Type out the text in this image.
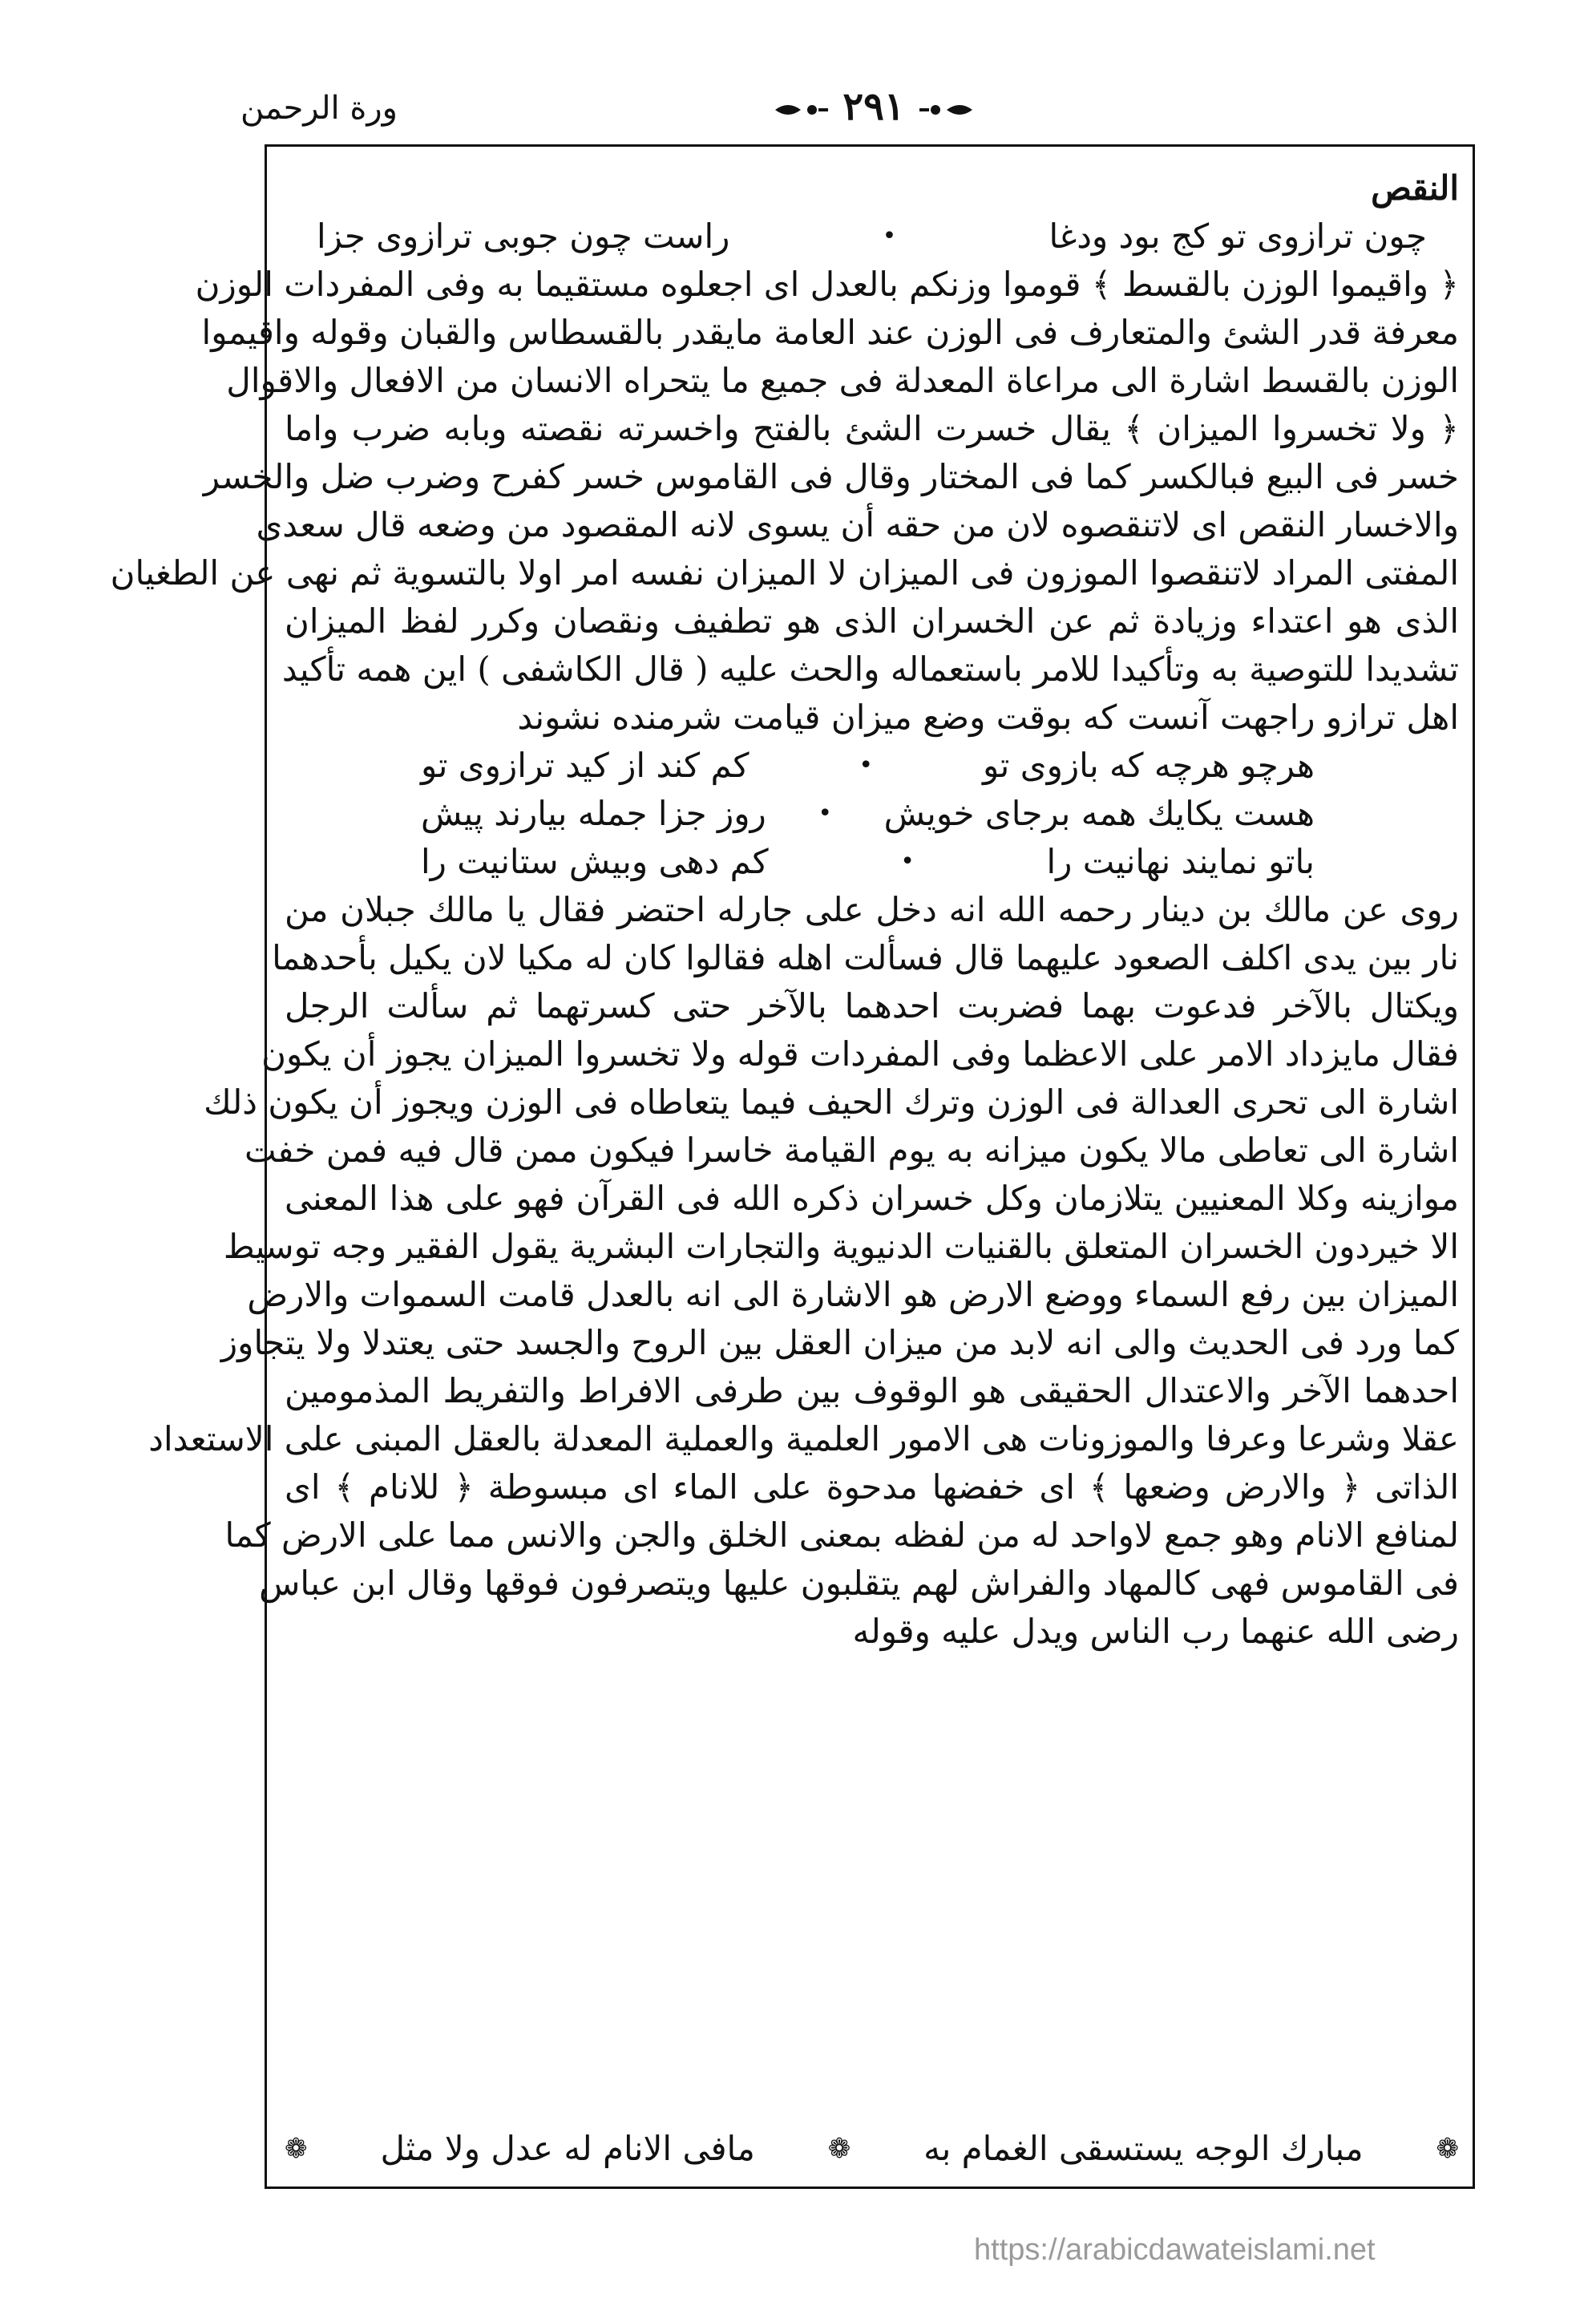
ورة الرحمن	٢٩١
النقص
چون ترازوی تو کج بود ودغا
•
راست چون جوبی ترازوی جزا
﴿ واقيموا الوزن بالقسط ﴾ قوموا وزنكم بالعدل اى اجعلوه مستقيما به وفى المفردات الوزن
معرفة قدر الشئ والمتعارف فى الوزن عند العامة مايقدر بالقسطاس والقبان وقوله واقيموا
الوزن بالقسط اشارة الى مراعاة المعدلة فى جميع ما يتحراه الانسان من الافعال والاقوال
﴿ ولا تخسروا الميزان ﴾ يقال خسرت الشئ بالفتح واخسرته نقصته وبابه ضرب واما
خسر فى البيع فبالكسر كما فى المختار وقال فى القاموس خسر كفرح وضرب ضل والخسر
والاخسار النقص اى لاتنقصوه لان من حقه أن يسوى لانه المقصود من وضعه قال سعدى
المفتى المراد لاتنقصوا الموزون فى الميزان لا الميزان نفسه امر اولا بالتسوية ثم نهى عن الطغيان
الذى هو اعتداء وزيادة ثم عن الخسران الذى هو تطفيف ونقصان وكرر لفظ الميزان
تشديدا للتوصية به وتأكيدا للامر باستعماله والحث عليه ( قال الكاشفى ) اين همه تأكيد
اهل ترازو راجهت آنست كه بوقت وضع ميزان قيامت شرمنده نشوند
هرچو هرچه كه بازوى تو
•
كم كند از كيد ترازوى تو
هست يكايك همه برجاى خويش
•
روز جزا جمله بيارند پيش
باتو نمايند نهانيت را
•
كم دهى وبيش ستانيت را
روى عن مالك بن دينار رحمه الله انه دخل على جارله احتضر فقال يا مالك جبلان من
نار بين يدى اكلف الصعود عليهما قال فسألت اهله فقالوا كان له مكيا لان يكيل بأحدهما
ويكتال بالآخر فدعوت بهما فضربت احدهما بالآخر حتى كسرتهما ثم سألت الرجل
فقال مايزداد الامر على الاعظما وفى المفردات قوله ولا تخسروا الميزان يجوز أن يكون
اشارة الى تحرى العدالة فى الوزن وترك الحيف فيما يتعاطاه فى الوزن ويجوز أن يكون ذلك
اشارة الى تعاطى مالا يكون ميزانه به يوم القيامة خاسرا فيكون ممن قال فيه فمن خفت
موازينه وكلا المعنيين يتلازمان وكل خسران ذكره الله فى القرآن فهو على هذا المعنى
الا خيردون الخسران المتعلق بالقنيات الدنيوية والتجارات البشرية يقول الفقير وجه توسيط
الميزان بين رفع السماء ووضع الارض هو الاشارة الى انه بالعدل قامت السموات والارض
كما ورد فى الحديث والى انه لابد من ميزان العقل بين الروح والجسد حتى يعتدلا ولا يتجاوز
احدهما الآخر والاعتدال الحقيقى هو الوقوف بين طرفى الافراط والتفريط المذمومين
عقلا وشرعا وعرفا والموزونات هى الامور العلمية والعملية المعدلة بالعقل المبنى على الاستعداد
الذاتى ﴿ والارض وضعها ﴾ اى خفضها مدحوة على الماء اى مبسوطة ﴿ للانام ﴾ اى
لمنافع الانام وهو جمع لاواحد له من لفظه بمعنى الخلق والجن والانس مما على الارض كما
فى القاموس فهى كالمهاد والفراش لهم يتقلبون عليها ويتصرفون فوقها وقال ابن عباس
رضى الله عنهما رب الناس ويدل عليه وقوله
❁
مبارك الوجه يستسقى الغمام به
❁
مافى الانام له عدل ولا مثل
❁
https://arabicdawateislami.net
